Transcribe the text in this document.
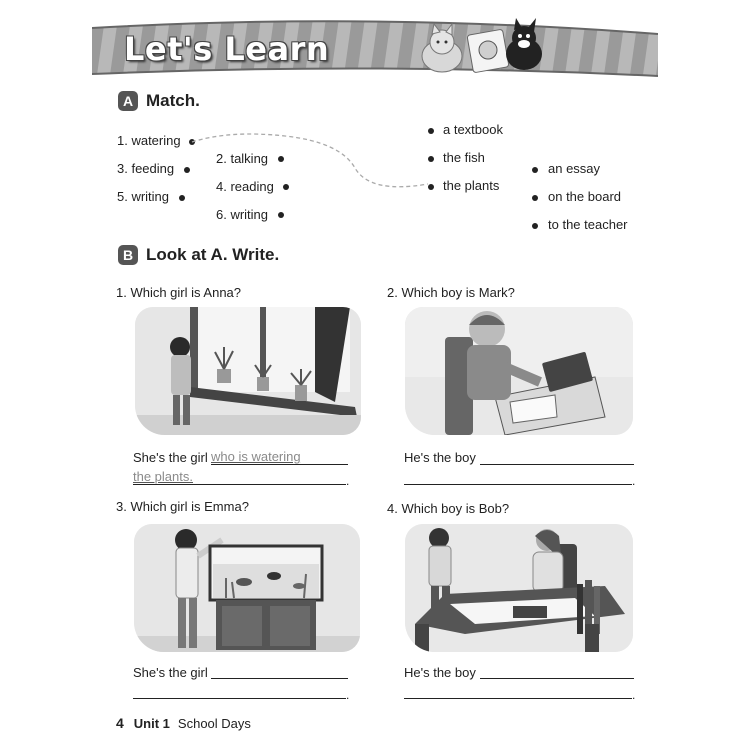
Let's Learn
A Match.
1. watering
3. feeding
5. writing
2. talking
4. reading
6. writing
a textbook
the fish
the plants
an essay
on the board
to the teacher
B Look at A. Write.
1. Which girl is Anna?
She's the girl who is watering
the plants.	.
2. Which boy is Mark?
He's the boy
.
3. Which girl is Emma?
She's the girl
.
4. Which boy is Bob?
He's the boy
.
4 Unit 1 School Days
